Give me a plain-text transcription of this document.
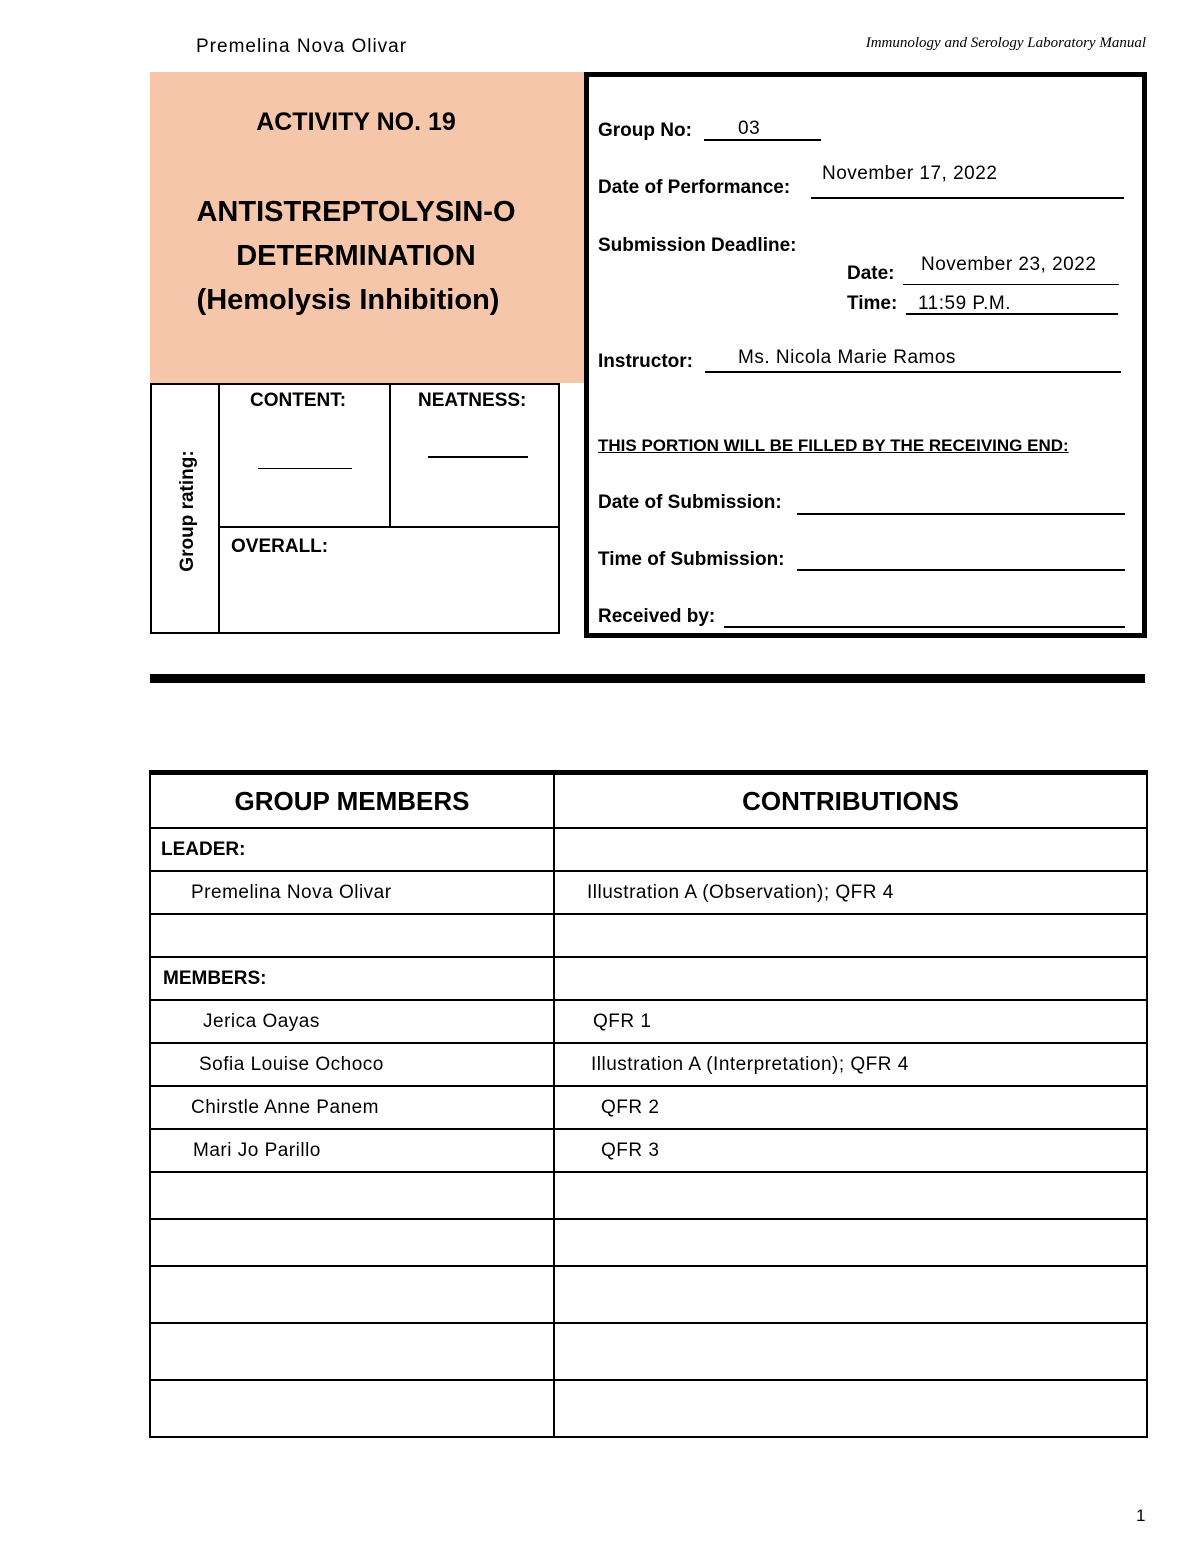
Premelina Nova Olivar	Immunology and Serology Laboratory Manual
ACTIVITY NO. 19
ANTISTREPTOLYSIN-O
DETERMINATION
(Hemolysis Inhibition)
Group rating:
CONTENT:	NEATNESS:
OVERALL:
Group No: 03
Date of Performance:
November 17, 2022
Submission Deadline:
Date: November 23, 2022
Time: 11:59 P.M.
Instructor: Ms. Nicola Marie Ramos
THIS PORTION WILL BE FILLED BY THE RECEIVING END:
Date of Submission:
Time of Submission:
Received by:
GROUP MEMBERS	CONTRIBUTIONS
LEADER:	
Premelina Nova Olivar	Illustration A (Observation); QFR 4

MEMBERS:	
Jerica Oayas	QFR 1
Sofia Louise Ochoco	Illustration A (Interpretation); QFR 4
Chirstle Anne Panem	QFR 2
Mari Jo Parillo	QFR 3

1
